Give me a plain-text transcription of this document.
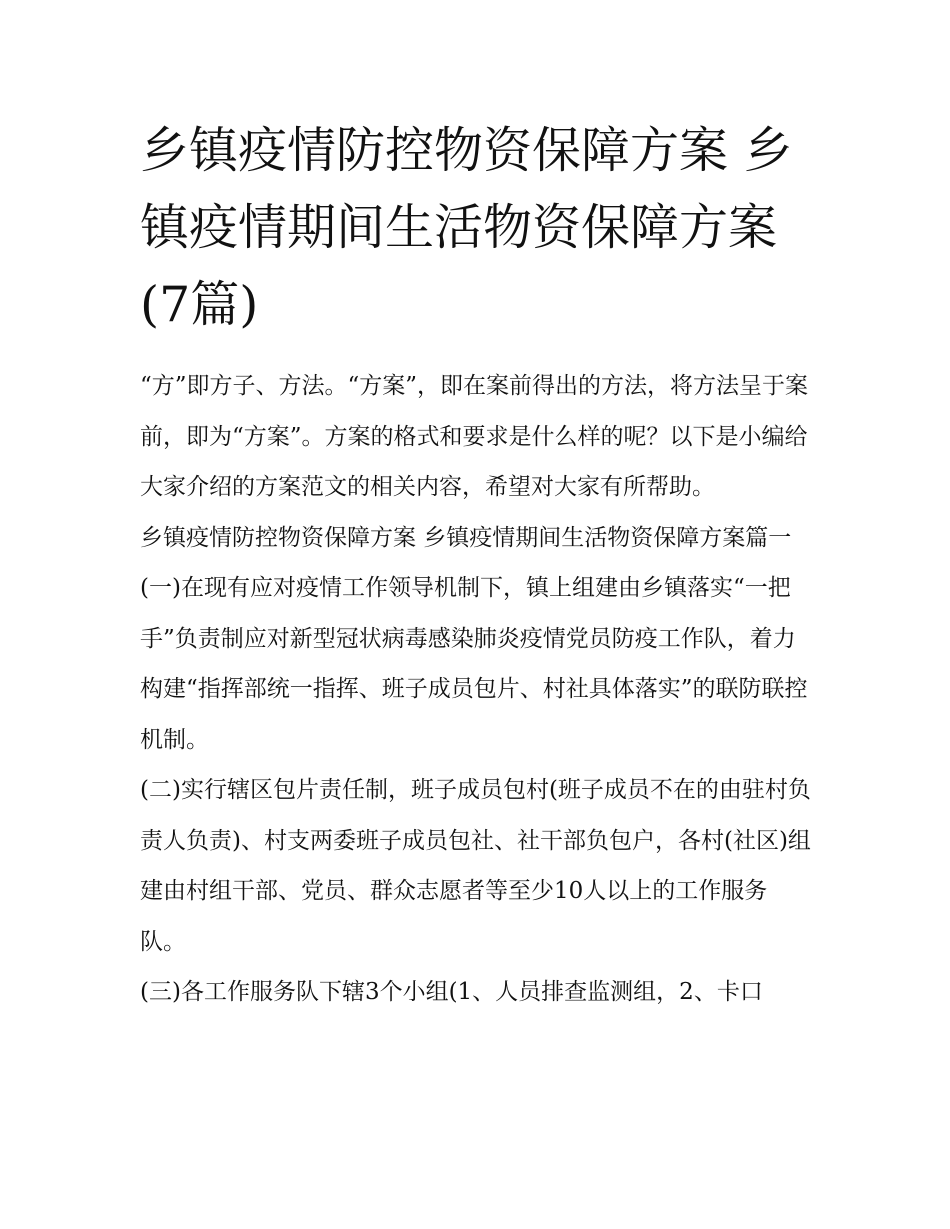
乡镇疫情防控物资保障方案 乡镇疫情期间生活物资保障方案(7篇)

“方”即方子、方法。“方案”，即在案前得出的方法，将方法呈于案前，即为“方案”。方案的格式和要求是什么样的呢？以下是小编给大家介绍的方案范文的相关内容，希望对大家有所帮助。

乡镇疫情防控物资保障方案 乡镇疫情期间生活物资保障方案篇一

(一)在现有应对疫情工作领导机制下，镇上组建由乡镇落实“一把手”负责制应对新型冠状病毒感染肺炎疫情党员防疫工作队，着力构建“指挥部统一指挥、班子成员包片、村社具体落实”的联防联控机制。

(二)实行辖区包片责任制，班子成员包村(班子成员不在的由驻村负责人负责)、村支两委班子成员包社、社干部负包户，各村(社区)组建由村组干部、党员、群众志愿者等至少10人以上的工作服务队。

(三)各工作服务队下辖3个小组(1、人员排查监测组，2、卡口
